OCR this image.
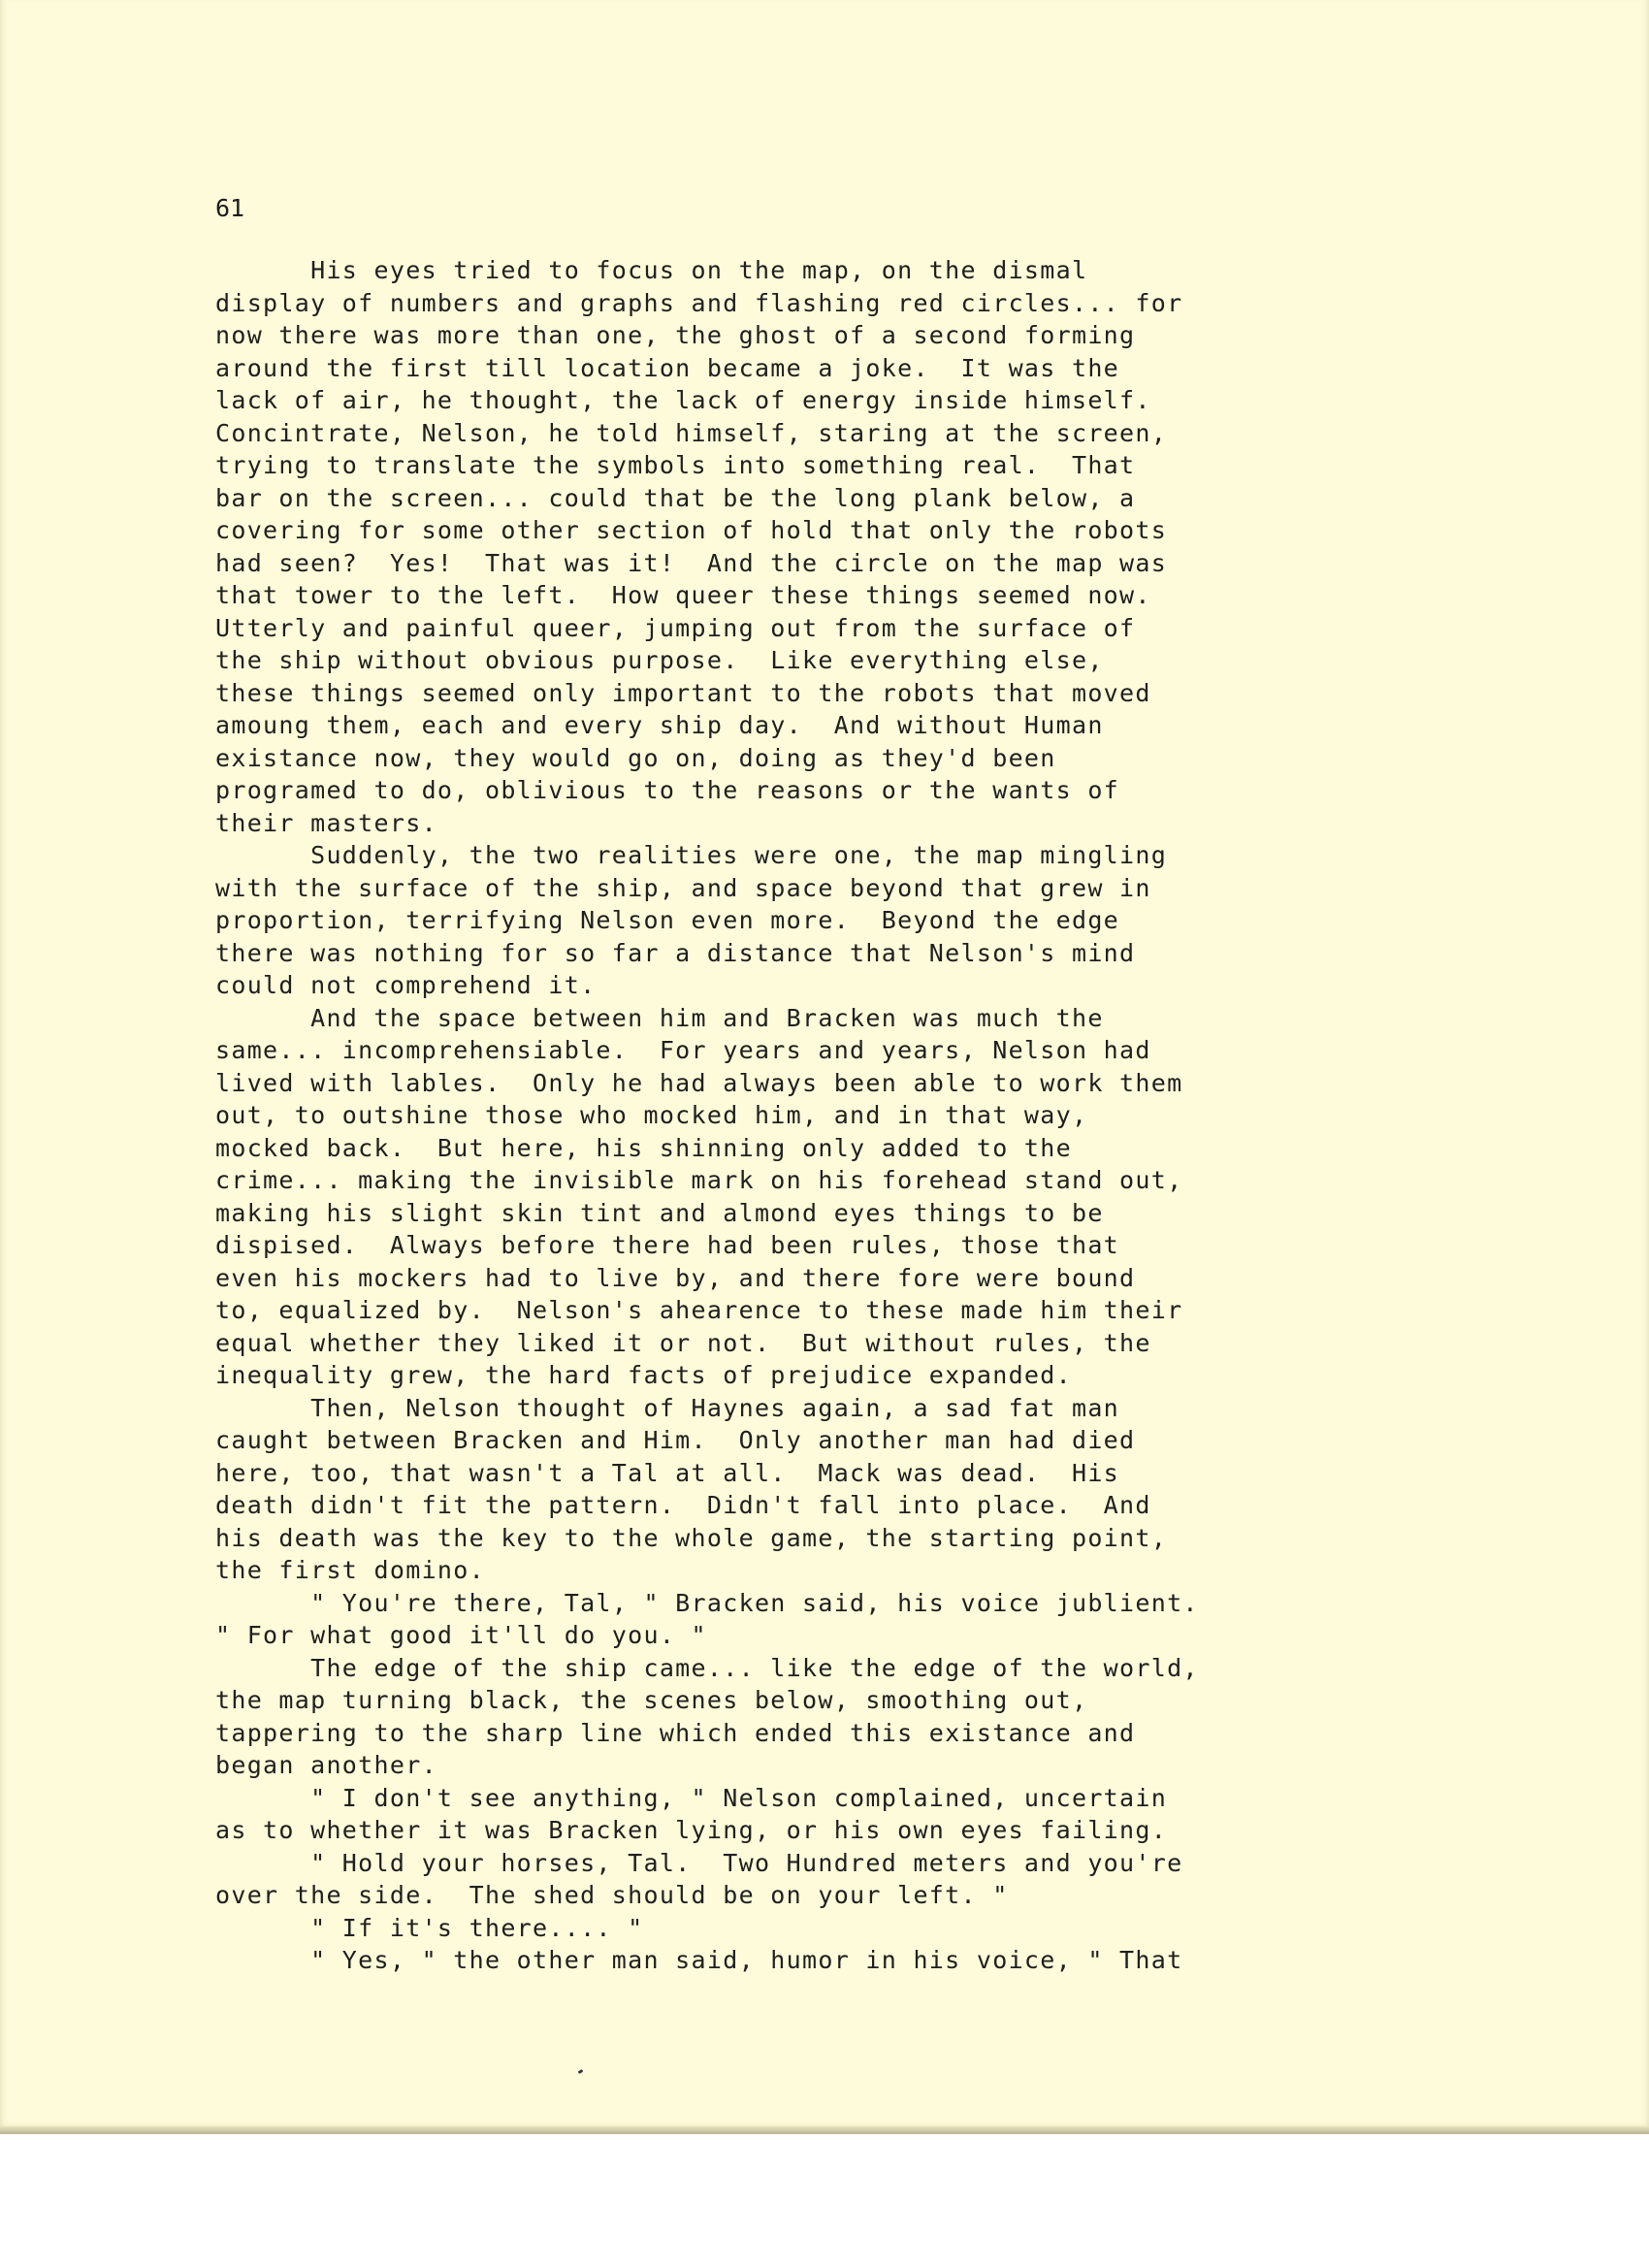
61

His eyes tried to focus on the map, on the dismal
display of numbers and graphs and flashing red circles... for
now there was more than one, the ghost of a second forming
around the first till location became a joke.  It was the
lack of air, he thought, the lack of energy inside himself.
Concintrate, Nelson, he told himself, staring at the screen,
trying to translate the symbols into something real.  That
bar on the screen... could that be the long plank below, a
covering for some other section of hold that only the robots
had seen?  Yes!  That was it!  And the circle on the map was
that tower to the left.  How queer these things seemed now.
Utterly and painful queer, jumping out from the surface of
the ship without obvious purpose.  Like everything else,
these things seemed only important to the robots that moved
amoung them, each and every ship day.  And without Human
existance now, they would go on, doing as they'd been
programed to do, oblivious to the reasons or the wants of
their masters.
Suddenly, the two realities were one, the map mingling
with the surface of the ship, and space beyond that grew in
proportion, terrifying Nelson even more.  Beyond the edge
there was nothing for so far a distance that Nelson's mind
could not comprehend it.
And the space between him and Bracken was much the
same... incomprehensiable.  For years and years, Nelson had
lived with lables.  Only he had always been able to work them
out, to outshine those who mocked him, and in that way,
mocked back.  But here, his shinning only added to the
crime... making the invisible mark on his forehead stand out,
making his slight skin tint and almond eyes things to be
dispised.  Always before there had been rules, those that
even his mockers had to live by, and there fore were bound
to, equalized by.  Nelson's ahearence to these made him their
equal whether they liked it or not.  But without rules, the
inequality grew, the hard facts of prejudice expanded.
Then, Nelson thought of Haynes again, a sad fat man
caught between Bracken and Him.  Only another man had died
here, too, that wasn't a Tal at all.  Mack was dead.  His
death didn't fit the pattern.  Didn't fall into place.  And
his death was the key to the whole game, the starting point,
the first domino.
" You're there, Tal, " Bracken said, his voice jublient.
" For what good it'll do you. "
The edge of the ship came... like the edge of the world,
the map turning black, the scenes below, smoothing out,
tappering to the sharp line which ended this existance and
began another.
" I don't see anything, " Nelson complained, uncertain
as to whether it was Bracken lying, or his own eyes failing.
" Hold your horses, Tal.  Two Hundred meters and you're
over the side.  The shed should be on your left. "
" If it's there.... "
" Yes, " the other man said, humor in his voice, " That
